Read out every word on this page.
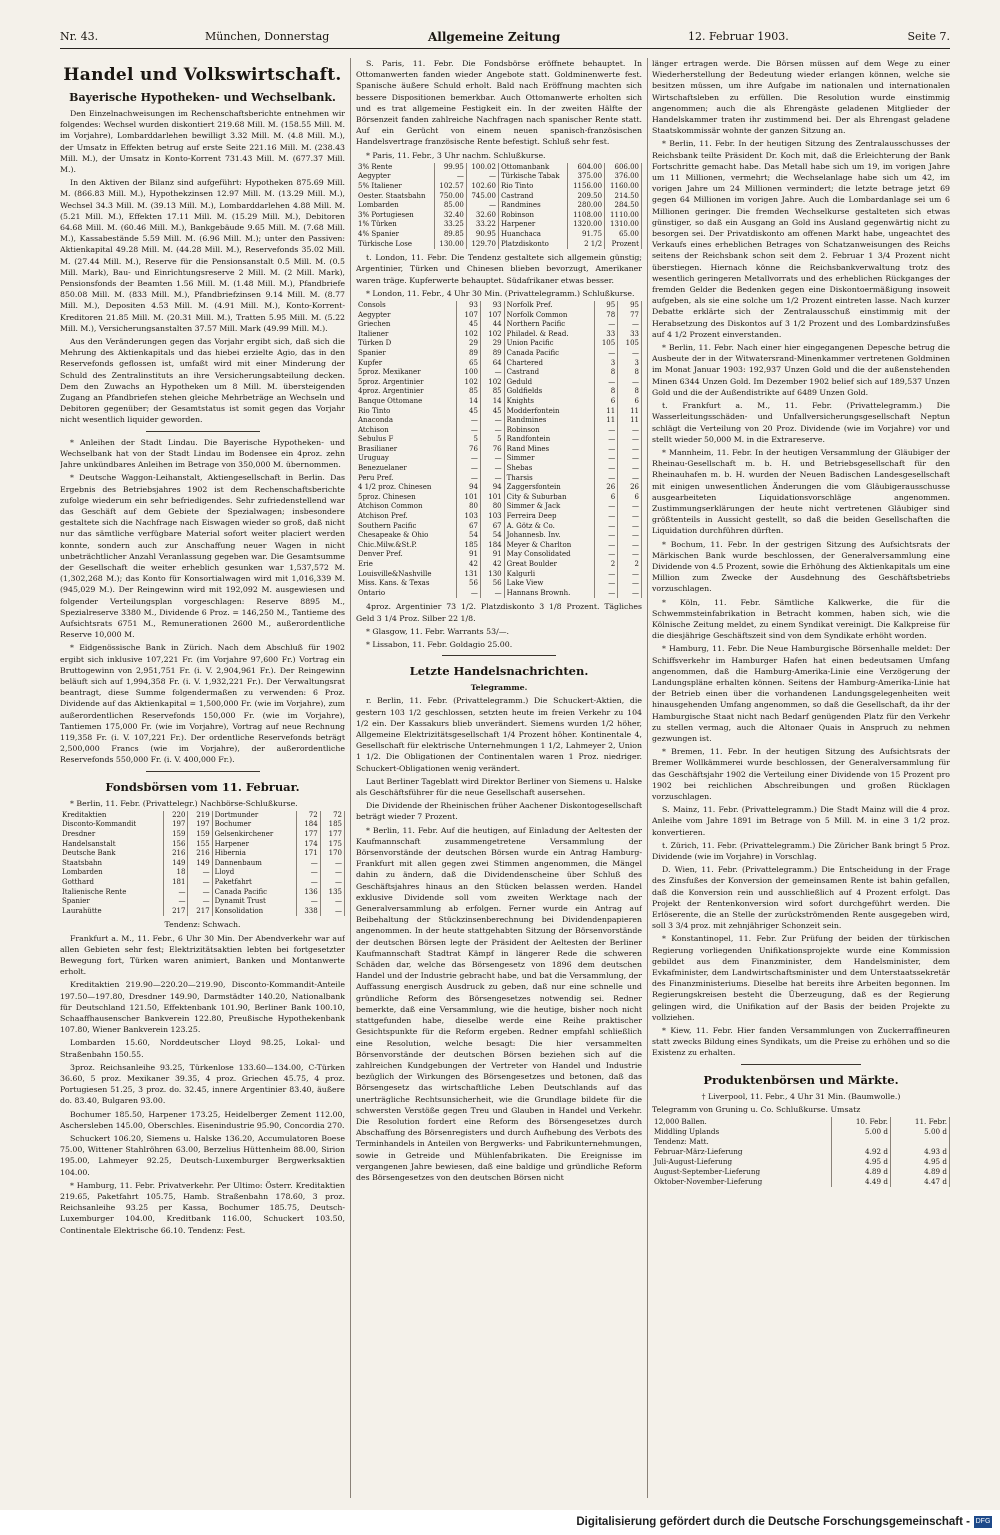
Nr. 43.	München, Donnerstag	Allgemeine Zeitung	12. Februar 1903.	Seite 7.
Handel und Volkswirtschaft.
Bayerische Hypotheken- und Wechselbank.

Den Einzelnachweisungen im Rechenschaftsberichte entnehmen wir folgendes: Wechsel wurden diskontiert 219.68 Mill. M. (158.55 Mill. M. im Vorjahre), Lombarddarlehen bewilligt 3.32 Mill. M. (4.8 Mill. M.), der Umsatz in Effekten betrug auf erste Seite 221.16 Mill. M. (238.43 Mill. M.), der Umsatz in Konto-Korrent 731.43 Mill. M. (677.37 Mill. M.).

In den Aktiven der Bilanz sind aufgeführt: Hypotheken 875.69 Mill. M. (866.83 Mill. M.), Hypothekzinsen 12.97 Mill. M. (13.29 Mill. M.), Wechsel 34.3 Mill. M. (39.13 Mill. M.), Lombarddarlehen 4.88 Mill. M. (5.21 Mill. M.), Effekten 17.11 Mill. M. (15.29 Mill. M.), Debitoren 64.68 Mill. M. (60.46 Mill. M.), Bankgebäude 9.65 Mill. M. (7.68 Mill. M.), Kassabestände 5.59 Mill. M. (6.96 Mill. M.); unter den Passiven: Aktienkapital 49.28 Mill. M. (44.28 Mill. M.), Reservefonds 35.02 Mill. M. (27.44 Mill. M.), Reserve für die Pensionsanstalt 0.5 Mill. M. (0.5 Mill. Mark), Bau- und Einrichtungsreserve 2 Mill. M. (2 Mill. Mark), Pensionsfonds der Beamten 1.56 Mill. M. (1.48 Mill. M.), Pfandbriefe 850.08 Mill. M. (833 Mill. M.), Pfandbriefzinsen 9.14 Mill. M. (8.77 Mill. M.), Depositen 4.53 Mill. M. (4.91 Mill. M.), Konto-Korrent-Kreditoren 21.85 Mill. M. (20.31 Mill. M.), Tratten 5.95 Mill. M. (5.22 Mill. M.), Versicherungsanstalten 37.57 Mill. Mark (49.99 Mill. M.).

Aus den Veränderungen gegen das Vorjahr ergibt sich, daß sich die Mehrung des Aktienkapitals und das hiebei erzielte Agio, das in den Reservefonds geflossen ist, umfaßt wird mit einer Minderung der Schuld des Zentralinstituts an ihre Versicherungsabteilung decken. Dem den Zuwachs an Hypotheken um 8 Mill. M. übersteigenden Zugang an Pfandbriefen stehen gleiche Mehrbeträge an Wechseln und Debitoren gegenüber; der Gesamtstatus ist somit gegen das Vorjahr nicht wesentlich liquider geworden.

* Anleihen der Stadt Lindau. Die Bayerische Hypotheken- und Wechselbank hat von der Stadt Lindau im Bodensee ein 4proz. zehn Jahre unkündbares Anleihen im Betrage von 350,000 M. übernommen.

* Deutsche Waggon-Leihanstalt, Aktiengesellschaft in Berlin. Das Ergebnis des Betriebsjahres 1902 ist dem Rechenschaftsberichte zufolge wiederum ein sehr befriedigendes. Sehr zufriedenstellend war das Geschäft auf dem Gebiete der Spezialwagen; insbesondere gestaltete sich die Nachfrage nach Eiswagen wieder so groß, daß nicht nur das sämtliche verfügbare Material sofort weiter placiert werden konnte, sondern auch zur Anschaffung neuer Wagen in nicht unbeträchtlicher Anzahl Veranlassung gegeben war. Die Gesamtsumme der Gesellschaft die weiter erheblich gesunken war 1,537,572 M. (1,302,268 M.); das Konto für Konsortialwagen wird mit 1,016,339 M. (945,029 M.). Der Reingewinn wird mit 192,092 M. ausgewiesen und folgender Verteilungsplan vorgeschlagen: Reserve 8895 M., Spezialreserve 3380 M., Dividende 6 Proz. = 146,250 M., Tantieme des Aufsichtsrats 6751 M., Remunerationen 2600 M., außerordentliche Reserve 10,000 M.

* Eidgenössische Bank in Zürich. Nach dem Abschluß für 1902 ergibt sich inklusive 107,221 Fr. (im Vorjahre 97,600 Fr.) Vortrag ein Bruttogewinn von 2,951,751 Fr. (i. V. 2,904,961 Fr.). Der Reingewinn beläuft sich auf 1,994,358 Fr. (i. V. 1,932,221 Fr.). Der Verwaltungsrat beantragt, diese Summe folgendermaßen zu verwenden: 6 Proz. Dividende auf das Aktienkapital = 1,500,000 Fr. (wie im Vorjahre), zum außerordentlichen Reservefonds 150,000 Fr. (wie im Vorjahre), Tantiemen 175,000 Fr. (wie im Vorjahre), Vortrag auf neue Rechnung 119,358 Fr. (i. V. 107,221 Fr.). Der ordentliche Reservefonds beträgt 2,500,000 Francs (wie im Vorjahre), der außerordentliche Reservefonds 550,000 Fr. (i. V. 400,000 Fr.).

Fondsbörsen vom 11. Februar.

* Berlin, 11. Febr. (Privattelegr.) Nachbörse-Schlußkurse.

Kreditaktien	220	219	Dortmunder	72	72
Disconto-Kommandit	197	197	Bochumer	184	185
Dresdner	159	159	Gelsenkirchener	177	177
Handelsanstalt	156	155	Harpener	174	175
Deutsche Bank	216	216	Hibernia	171	170
Staatsbahn	149	149	Dannenbaum	—	—
Lombarden	18	—	Lloyd	—	—
Gotthard	181	—	Paketfahrt	—	—
Italienische Rente	—	—	Canada Pacific	136	135
Spanier	—	—	Dynamit Trust	—	—
Laurahütte	217	217	Konsolidation	338	—

Tendenz: Schwach.

Frankfurt a. M., 11. Febr., 6 Uhr 30 Min. Der Abendverkehr war auf allen Gebieten sehr fest; Elektrizitätsaktien lebten bei fortgesetzter Bewegung fort, Türken waren animiert, Banken und Montanwerte erholt.

Kreditaktien 219.90—220.20—219.90, Disconto-Kommandit-Anteile 197.50—197.80, Dresdner 149.90, Darmstädter 140.20, Nationalbank für Deutschland 121.50, Effektenbank 101.90, Berliner Bank 100.10, Schaaffhausenscher Bankverein 122.80, Preußische Hypothekenbank 107.80, Wiener Bankverein 123.25.

Lombarden 15.60, Norddeutscher Lloyd 98.25, Lokal- und Straßenbahn 150.55.

3proz. Reichsanleihe 93.25, Türkenlose 133.60—134.00, C-Türken 36.60, 5 proz. Mexikaner 39.35, 4 proz. Griechen 45.75, 4 proz. Portugiesen 51.25, 3 proz. do. 32.45, innere Argentinier 83.40, äußere do. 83.40, Bulgaren 93.00.

Bochumer 185.50, Harpener 173.25, Heidelberger Zement 112.00, Aschersleben 145.00, Oberschles. Eisenindustrie 95.90, Concordia 270.

Schuckert 106.20, Siemens u. Halske 136.20, Accumulatoren Boese 75.00, Wittener Stahlröhren 63.00, Berzelius Hüttenheim 88.00, Sirion 195.00, Lahmeyer 92.25, Deutsch-Luxemburger Bergwerksaktien 104.00.

* Hamburg, 11. Febr. Privatverkehr. Per Ultimo: Österr. Kreditaktien 219.65, Paketfahrt 105.75, Hamb. Straßenbahn 178.60, 3 proz. Reichsanleihe 93.25 per Kassa, Bochumer 185.75, Deutsch-Luxemburger 104.00, Kreditbank 116.00, Schuckert 103.50, Continentale Elektrische 66.10. Tendenz: Fest.

S. Paris, 11. Febr. Die Fondsbörse eröffnete behauptet. In Ottomanwerten fanden wieder Angebote statt. Goldminenwerte fest. Spanische äußere Schuld erholt. Bald nach Eröffnung machten sich bessere Dispositionen bemerkbar. Auch Ottomanwerte erholten sich und es trat allgemeine Festigkeit ein. In der zweiten Hälfte der Börsenzeit fanden zahlreiche Nachfragen nach spanischer Rente statt. Auf ein Gerücht von einem neuen spanisch-französischen Handelsvertrage französische Rente befestigt. Schluß sehr fest.

* Paris, 11. Febr., 3 Uhr nachm. Schlußkurse.

3% Rente	99.95	100.02	Ottomanbank	604.00	606.00
Aegypter	—	—	Türkische Tabak	375.00	376.00
5% Italiener	102.57	102.60	Rio Tinto	1156.00	1160.00
Oester. Staatsbahn	750.00	745.00	Castrand	209.50	214.50
Lombarden	85.00	—	Randmines	280.00	284.50
3% Portugiesen	32.40	32.60	Robinson	1108.00	1110.00
1% Türken	33.25	33.22	Harpener	1320.00	1310.00
4% Spanier	89.85	90.95	Huanchaca	91.75	65.00
Türkische Lose	130.00	129.70	Platzdiskonto	2 1/2	Prozent

t. London, 11. Febr. Die Tendenz gestaltete sich allgemein günstig; Argentinier, Türken und Chinesen blieben bevorzugt, Amerikaner waren träge. Kupferwerte behauptet. Südafrikaner etwas besser.

* London, 11. Febr., 4 Uhr 30 Min. (Privattelegramm.) Schlußkurse.

Consols	93	93	Norfolk Pref.	95	95
Aegypter	107	107	Norfolk Common	78	77
Griechen	45	44	Northern Pacific	—	—
Italiener	102	102	Philadel. & Read.	33	33
Türken D	29	29	Union Pacific	105	105
Spanier	89	89	Canada Pacific	—	—
Kupfer	65	64	Chartered	3	3
5proz. Mexikaner	100	—	Castrand	8	8
5proz. Argentinier	102	102	Geduld	—	—
4proz. Argentinier	85	85	Goldfields	8	8
Banque Ottomane	14	14	Knights	6	6
Rio Tinto	45	45	Modderfontein	11	11
Anaconda	—	—	Randmines	11	11
Atchison	—	—	Robinson	—	—
Sebulus F	5	5	Randfontein	—	—
Brasilianer	76	76	Rand Mines	—	—
Uruguay	—	—	Simmer	—	—
Benezuelaner	—	—	Shebas	—	—
Peru Pref.	—	—	Tharsis	—	—
4 1/2 proz. Chinesen	94	94	Zaggersfontein	26	26
5proz. Chinesen	101	101	City & Suburban	6	6
Atchison Common	80	80	Simmer & Jack	—	—
Atchison Pref.	103	103	Ferreira Deep	—	—
Southern Pacific	67	67	A. Götz & Co.	—	—
Chesapeake & Ohio	54	54	Johannesb. Inv.	—	—
Chic.Milw.&St.P.	185	184	Meyer & Charlton	—	—
Denver Pref.	91	91	May Consolidated	—	—
Erie	42	42	Great Boulder	2	2
Louisville&Nashville	131	130	Kalgurli	—	—
Miss. Kans. & Texas	56	56	Lake View	—	—
Ontario	—	—	Hannans Brownh.	—	—

4proz. Argentinier 73 1/2. Platzdiskonto 3 1/8 Prozent. Tägliches Geld 3 1/4 Proz. Silber 22 1/8.

* Glasgow, 11. Febr. Warrants 53/—.

* Lissabon, 11. Febr. Goldagio 25.00.

Letzte Handelsnachrichten.
Telegramme.

r. Berlin, 11. Febr. (Privattelegramm.) Die Schuckert-Aktien, die gestern 103 1/2 geschlossen, setzten heute im freien Verkehr zu 104 1/2 ein. Der Kassakurs blieb unverändert. Siemens wurden 1/2 höher, Allgemeine Elektrizitätsgesellschaft 1/4 Prozent höher. Kontinentale 4, Gesellschaft für elektrische Unternehmungen 1 1/2, Lahmeyer 2, Union 1 1/2. Die Obligationen der Continentalen waren 1 Proz. niedriger. Schuckert-Obligationen wenig verändert.

Laut Berliner Tageblatt wird Direktor Berliner von Siemens u. Halske als Geschäftsführer für die neue Gesellschaft ausersehen.

Die Dividende der Rheinischen früher Aachener Diskontogesellschaft beträgt wieder 7 Prozent.

* Berlin, 11. Febr. Auf die heutigen, auf Einladung der Aeltesten der Kaufmannschaft zusammengetretene Versammlung der Börsenvorstände der deutschen Börsen wurde ein Antrag Hamburg-Frankfurt mit allen gegen zwei Stimmen angenommen, die Mängel dahin zu ändern, daß die Dividendenscheine über Schluß des Geschäftsjahres hinaus an den Stücken belassen werden. Handel exklusive Dividende soll vom zweiten Werktage nach der Generalversammlung ab erfolgen. Ferner wurde ein Antrag auf Beibehaltung der Stückzinsenberechnung bei Dividendenpapieren angenommen. In der heute stattgehabten Sitzung der Börsenvorstände der deutschen Börsen legte der Präsident der Aeltesten der Berliner Kaufmannschaft Stadtrat Kämpf in längerer Rede die schweren Schäden dar, welche das Börsengesetz von 1896 dem deutschen Handel und der Industrie gebracht habe, und bat die Versammlung, der Auffassung energisch Ausdruck zu geben, daß nur eine schnelle und gründliche Reform des Börsengesetzes notwendig sei. Redner bemerkte, daß eine Versammlung, wie die heutige, bisher noch nicht stattgefunden habe, dieselbe werde eine Reihe praktischer Gesichtspunkte für die Reform ergeben. Redner empfahl schließlich eine Resolution, welche besagt: Die hier versammelten Börsenvorstände der deutschen Börsen beziehen sich auf die zahlreichen Kundgebungen der Vertreter von Handel und Industrie bezüglich der Wirkungen des Börsengesetzes und betonen, daß das Börsengesetz das wirtschaftliche Leben Deutschlands auf das unerträgliche Rechtsunsicherheit, wie die Grundlage bildete für die schwersten Verstöße gegen Treu und Glauben in Handel und Verkehr. Die Resolution fordert eine Reform des Börsengesetzes durch Abschaffung des Börsenregisters und durch Aufhebung des Verbots des Terminhandels in Anteilen von Bergwerks- und Fabrikunternehmungen, sowie in Getreide und Mühlenfabrikaten. Die Ereignisse im vergangenen Jahre bewiesen, daß eine baldige und gründliche Reform des Börsengesetzes von den deutschen Börsen nicht

länger ertragen werde. Die Börsen müssen auf dem Wege zu einer Wiederherstellung der Bedeutung wieder erlangen können, welche sie besitzen müssen, um ihre Aufgabe im nationalen und internationalen Wirtschaftsleben zu erfüllen. Die Resolution wurde einstimmig angenommen; auch die als Ehrengäste geladenen Mitglieder der Handelskammer traten ihr zustimmend bei. Der als Ehrengast geladene Staatskommissär wohnte der ganzen Sitzung an.

* Berlin, 11. Febr. In der heutigen Sitzung des Zentralausschusses der Reichsbank teilte Präsident Dr. Koch mit, daß die Erleichterung der Bank Fortschritte gemacht habe. Das Metall habe sich um 19, im vorigen Jahre um 11 Millionen, vermehrt; die Wechselanlage habe sich um 42, im vorigen Jahre um 24 Millionen vermindert; die letzte betrage jetzt 69 gegen 64 Millionen im vorigen Jahre. Auch die Lombardanlage sei um 6 Millionen geringer. Die fremden Wechselkurse gestalteten sich etwas günstiger, so daß ein Ausgang an Gold ins Ausland gegenwärtig nicht zu besorgen sei. Der Privatdiskonto am offenen Markt habe, ungeachtet des Verkaufs eines erheblichen Betrages von Schatzanweisungen des Reichs seitens der Reichsbank schon seit dem 2. Februar 1 3/4 Prozent nicht überstiegen. Hiernach könne die Reichsbankverwaltung trotz des wesentlich geringeren Metallvorrats und des erheblichen Rückganges der fremden Gelder die Bedenken gegen eine Diskontoermäßigung insoweit aufgeben, als sie eine solche um 1/2 Prozent eintreten lasse. Nach kurzer Debatte erklärte sich der Zentralausschuß einstimmig mit der Herabsetzung des Diskontos auf 3 1/2 Prozent und des Lombardzinsfußes auf 4 1/2 Prozent einverstanden.

* Berlin, 11. Febr. Nach einer hier eingegangenen Depesche betrug die Ausbeute der in der Witwatersrand-Minenkammer vertretenen Goldminen im Monat Januar 1903: 192,937 Unzen Gold und die der außenstehenden Minen 6344 Unzen Gold. Im Dezember 1902 belief sich auf 189,537 Unzen Gold und die der Außendistrikte auf 6489 Unzen Gold.

t. Frankfurt a. M., 11. Febr. (Privattelegramm.) Die Wasserleitungsschäden- und Unfallversicherungsgesellschaft Neptun schlägt die Verteilung von 20 Proz. Dividende (wie im Vorjahre) vor und stellt wieder 50,000 M. in die Extrareserve.

* Mannheim, 11. Febr. In der heutigen Versammlung der Gläubiger der Rheinau-Gesellschaft m. b. H. und Betriebsgesellschaft für den Rheinauhafen m. b. H. wurden der Neuen Badischen Landesgesellschaft mit einigen unwesentlichen Änderungen die vom Gläubigerausschusse ausgearbeiteten Liquidationsvorschläge angenommen. Zustimmungserklärungen der heute nicht vertretenen Gläubiger sind größtenteils in Aussicht gestellt, so daß die beiden Gesellschaften die Liquidation durchführen dürften.

* Bochum, 11. Febr. In der gestrigen Sitzung des Aufsichtsrats der Märkischen Bank wurde beschlossen, der Generalversammlung eine Dividende von 4.5 Prozent, sowie die Erhöhung des Aktienkapitals um eine Million zum Zwecke der Ausdehnung des Geschäftsbetriebs vorzuschlagen.

* Köln, 11. Febr. Sämtliche Kalkwerke, die für die Schwemmsteinfabrikation in Betracht kommen, haben sich, wie die Kölnische Zeitung meldet, zu einem Syndikat vereinigt. Die Kalkpreise für die diesjährige Geschäftszeit sind von dem Syndikate erhöht worden.

* Hamburg, 11. Febr. Die Neue Hamburgische Börsenhalle meldet: Der Schiffsverkehr im Hamburger Hafen hat einen bedeutsamen Umfang angenommen, daß die Hamburg-Amerika-Linie eine Verzögerung der Landungspläne erhalten können. Seitens der Hamburg-Amerika-Linie hat der Betrieb einen über die vorhandenen Landungsgelegenheiten weit hinausgehenden Umfang angenommen, so daß die Gesellschaft, da ihr der Hamburgische Staat nicht nach Bedarf genügenden Platz für den Verkehr zu stellen vermag, auch die Altonaer Quais in Anspruch zu nehmen gezwungen ist.

* Bremen, 11. Febr. In der heutigen Sitzung des Aufsichtsrats der Bremer Wollkämmerei wurde beschlossen, der Generalversammlung für das Geschäftsjahr 1902 die Verteilung einer Dividende von 15 Prozent pro 1902 bei reichlichen Abschreibungen und großen Rücklagen vorzuschlagen.

S. Mainz, 11. Febr. (Privattelegramm.) Die Stadt Mainz will die 4 proz. Anleihe vom Jahre 1891 im Betrage von 5 Mill. M. in eine 3 1/2 proz. konvertieren.

t. Zürich, 11. Febr. (Privattelegramm.) Die Züricher Bank bringt 5 Proz. Dividende (wie im Vorjahre) in Vorschlag.

D. Wien, 11. Febr. (Privattelegramm.) Die Entscheidung in der Frage des Zinsfußes der Konversion der gemeinsamen Rente ist bahin gefallen, daß die Konversion rein und ausschließlich auf 4 Prozent erfolgt. Das Projekt der Rentenkonversion wird sofort durchgeführt werden. Die Erlöserente, die an Stelle der zurückströmenden Rente ausgegeben wird, soll 3 3/4 proz. mit zehnjähriger Schonzeit sein.

* Konstantinopel, 11. Febr. Zur Prüfung der beiden der türkischen Regierung vorliegenden Unifikationsprojekte wurde eine Kommission gebildet aus dem Finanzminister, dem Handelsminister, dem Evkafminister, dem Landwirtschaftsminister und dem Unterstaatssekretär des Finanzministeriums. Dieselbe hat bereits ihre Arbeiten begonnen. Im Regierungskreisen besteht die Überzeugung, daß es der Regierung gelingen wird, die Unifikation auf der Basis der beiden Projekte zu vollziehen.

* Kiew, 11. Febr. Hier fanden Versammlungen von Zuckerraffineuren statt zwecks Bildung eines Syndikats, um die Preise zu erhöhen und so die Existenz zu erhalten.

Produktenbörsen und Märkte.

† Liverpool, 11. Febr., 4 Uhr 31 Min. (Baumwolle.)

Telegramm von Gruning u. Co. Schlußkurse. Umsatz

12,000 Ballen.	10. Febr.	11. Febr.
Middling Uplands	5.00 d	5.00 d
Tendenz: Matt.		
Februar-März-Lieferung	4.92 d	4.93 d
Juli-August-Lieferung	4.95 d	4.95 d
August-September-Lieferung	4.89 d	4.89 d
Oktober-November-Lieferung	4.49 d	4.47 d
Digitalisierung gefördert durch die Deutsche Forschungsgemeinschaft - DFG
